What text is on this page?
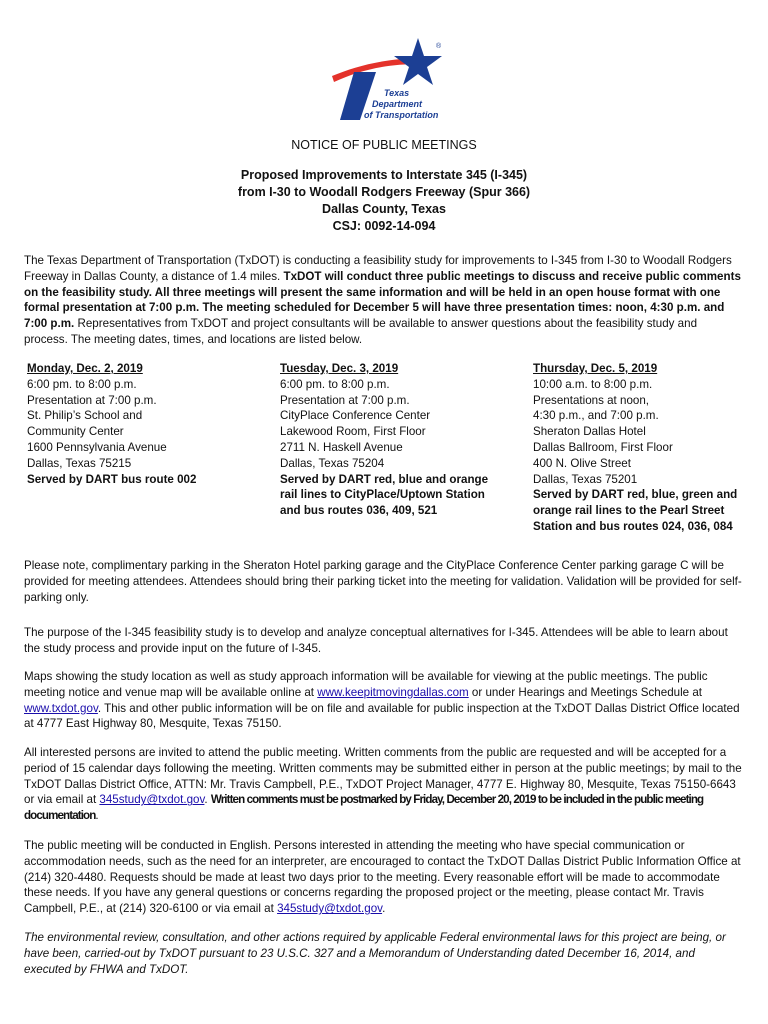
®
Texas
Department
of Transportation
NOTICE OF PUBLIC MEETINGS
Proposed Improvements to Interstate 345 (I-345)
from I-30 to Woodall Rodgers Freeway (Spur 366)
Dallas County, Texas
CSJ: 0092-14-094

The Texas Department of Transportation (TxDOT) is conducting a feasibility study for improvements to I-345 from I-30 to Woodall Rodgers Freeway in Dallas County, a distance of 1.4 miles. TxDOT will conduct three public meetings to discuss and receive public comments on the feasibility study. All three meetings will present the same information and will be held in an open house format with one formal presentation at 7:00 p.m. The meeting scheduled for December 5 will have three presentation times: noon, 4:30 p.m. and 7:00 p.m. Representatives from TxDOT and project consultants will be available to answer questions about the feasibility study and process. The meeting dates, times, and locations are listed below.

Monday, Dec. 2, 2019
6:00 pm. to 8:00 p.m.
Presentation at 7:00 p.m.
St. Philip’s School and
Community Center
1600 Pennsylvania Avenue
Dallas, Texas 75215
Served by DART bus route 002
Tuesday, Dec. 3, 2019
6:00 pm. to 8:00 p.m.
Presentation at 7:00 p.m.
CityPlace Conference Center
Lakewood Room, First Floor
2711 N. Haskell Avenue
Dallas, Texas 75204
Served by DART red, blue and orange rail lines to CityPlace/Uptown Station and bus routes 036, 409, 521
Thursday, Dec. 5, 2019
10:00 a.m. to 8:00 p.m.
Presentations at noon,
4:30 p.m., and 7:00 p.m.
Sheraton Dallas Hotel
Dallas Ballroom, First Floor
400 N. Olive Street
Dallas, Texas 75201
Served by DART red, blue, green and orange rail lines to the Pearl Street Station and bus routes 024, 036, 084

Please note, complimentary parking in the Sheraton Hotel parking garage and the CityPlace Conference Center parking garage C will be provided for meeting attendees. Attendees should bring their parking ticket into the meeting for validation. Validation will be provided for self-parking only.

The purpose of the I-345 feasibility study is to develop and analyze conceptual alternatives for I-345. Attendees will be able to learn about the study process and provide input on the future of I-345.

Maps showing the study location as well as study approach information will be available for viewing at the public meetings. The public meeting notice and venue map will be available online at www.keepitmovingdallas.com or under Hearings and Meetings Schedule at www.txdot.gov. This and other public information will be on file and available for public inspection at the TxDOT Dallas District Office located at 4777 East Highway 80, Mesquite, Texas 75150.

All interested persons are invited to attend the public meeting. Written comments from the public are requested and will be accepted for a period of 15 calendar days following the meeting. Written comments may be submitted either in person at the public meetings; by mail to the TxDOT Dallas District Office, ATTN: Mr. Travis Campbell, P.E., TxDOT Project Manager, 4777 E. Highway 80, Mesquite, Texas 75150-6643 or via email at 345study@txdot.gov. Written comments must be postmarked by Friday, December 20, 2019 to be included in the public meeting documentation.

The public meeting will be conducted in English. Persons interested in attending the meeting who have special communication or accommodation needs, such as the need for an interpreter, are encouraged to contact the TxDOT Dallas District Public Information Office at (214) 320-4480. Requests should be made at least two days prior to the meeting. Every reasonable effort will be made to accommodate these needs. If you have any general questions or concerns regarding the proposed project or the meeting, please contact Mr. Travis Campbell, P.E., at (214) 320-6100 or via email at 345study@txdot.gov.

The environmental review, consultation, and other actions required by applicable Federal environmental laws for this project are being, or have been, carried-out by TxDOT pursuant to 23 U.S.C. 327 and a Memorandum of Understanding dated December 16, 2014, and executed by FHWA and TxDOT.
